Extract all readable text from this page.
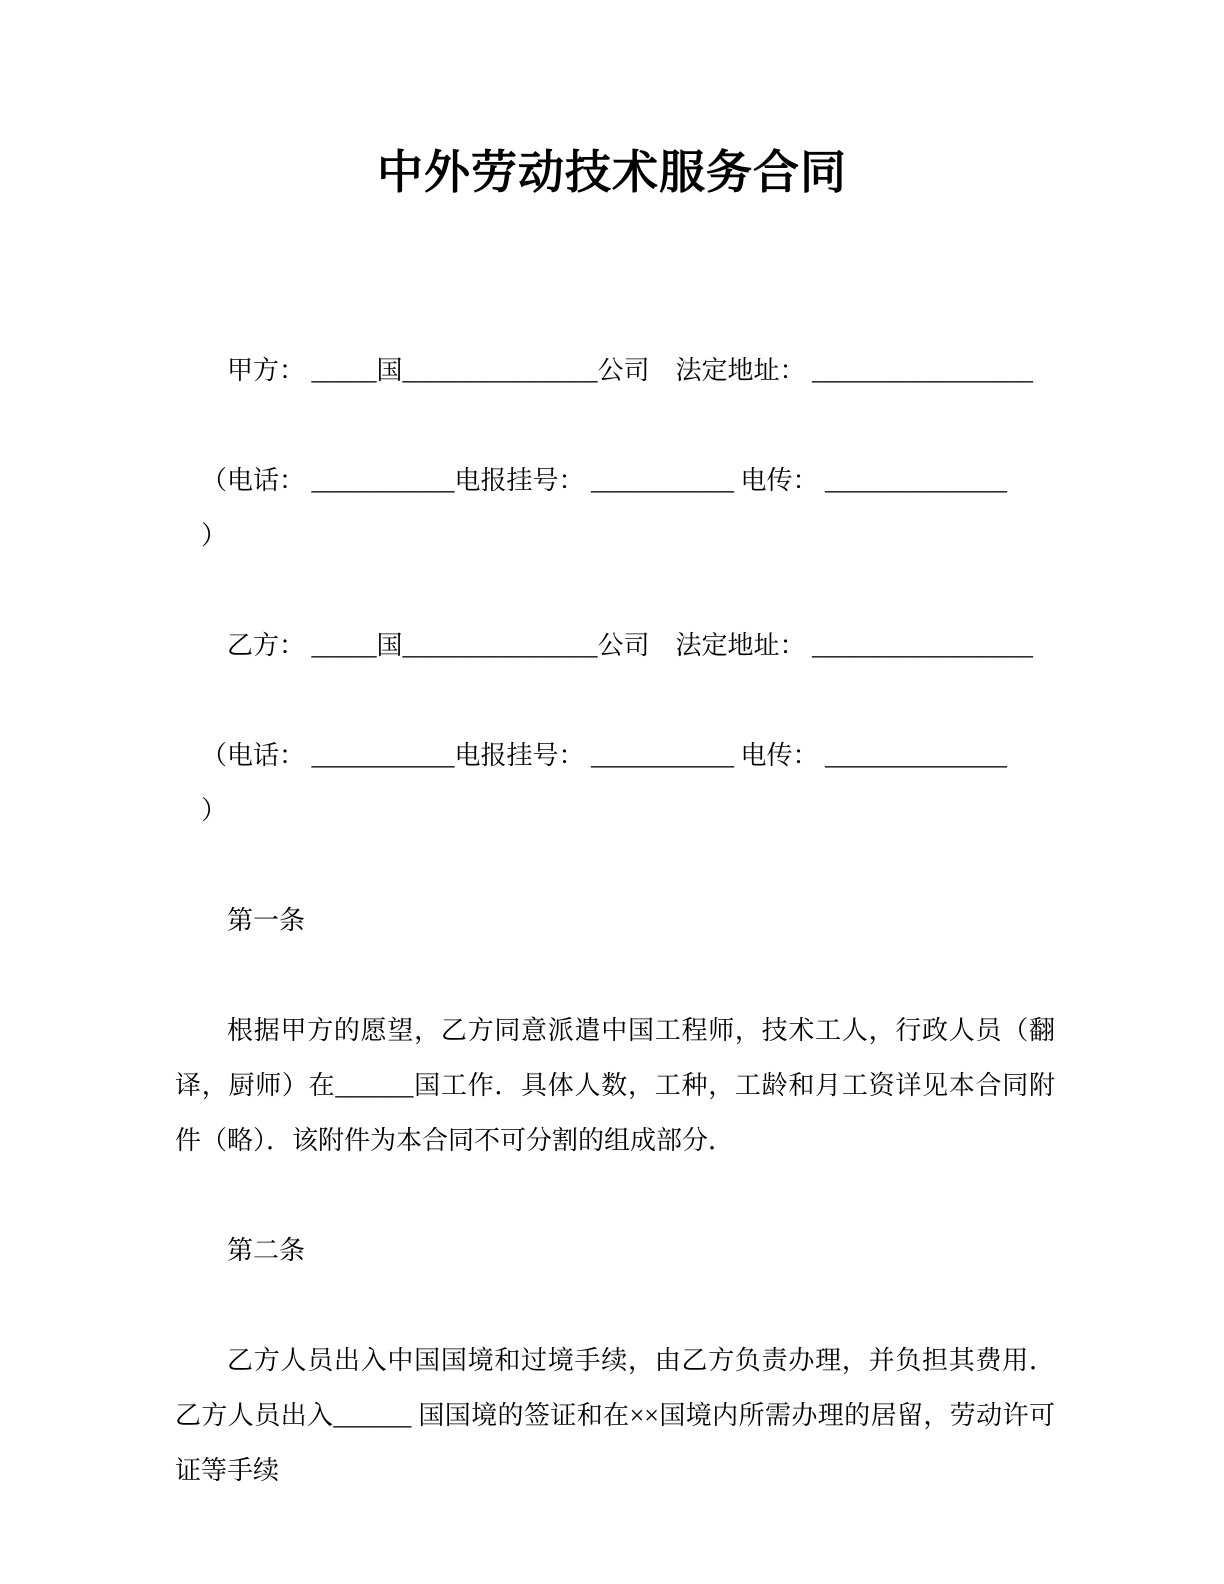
中外劳动技术服务合同
甲方： _____国_______________公司　法定地址： _________________
（电话： ___________电报挂号： ___________ 电传： ______________
）
乙方： _____国_______________公司　法定地址： _________________
（电话： ___________电报挂号： ___________ 电传： ______________
）
第一条
根据甲方的愿望，乙方同意派遣中国工程师，技术工人，行政人员（翻译，厨师）在______国工作．具体人数，工种，工龄和月工资详见本合同附件（略）．该附件为本合同不可分割的组成部分．
第二条
乙方人员出入中国国境和过境手续，由乙方负责办理，并负担其费用．乙方人员出入______ 国国境的签证和在××国境内所需办理的居留，劳动许可证等手续
